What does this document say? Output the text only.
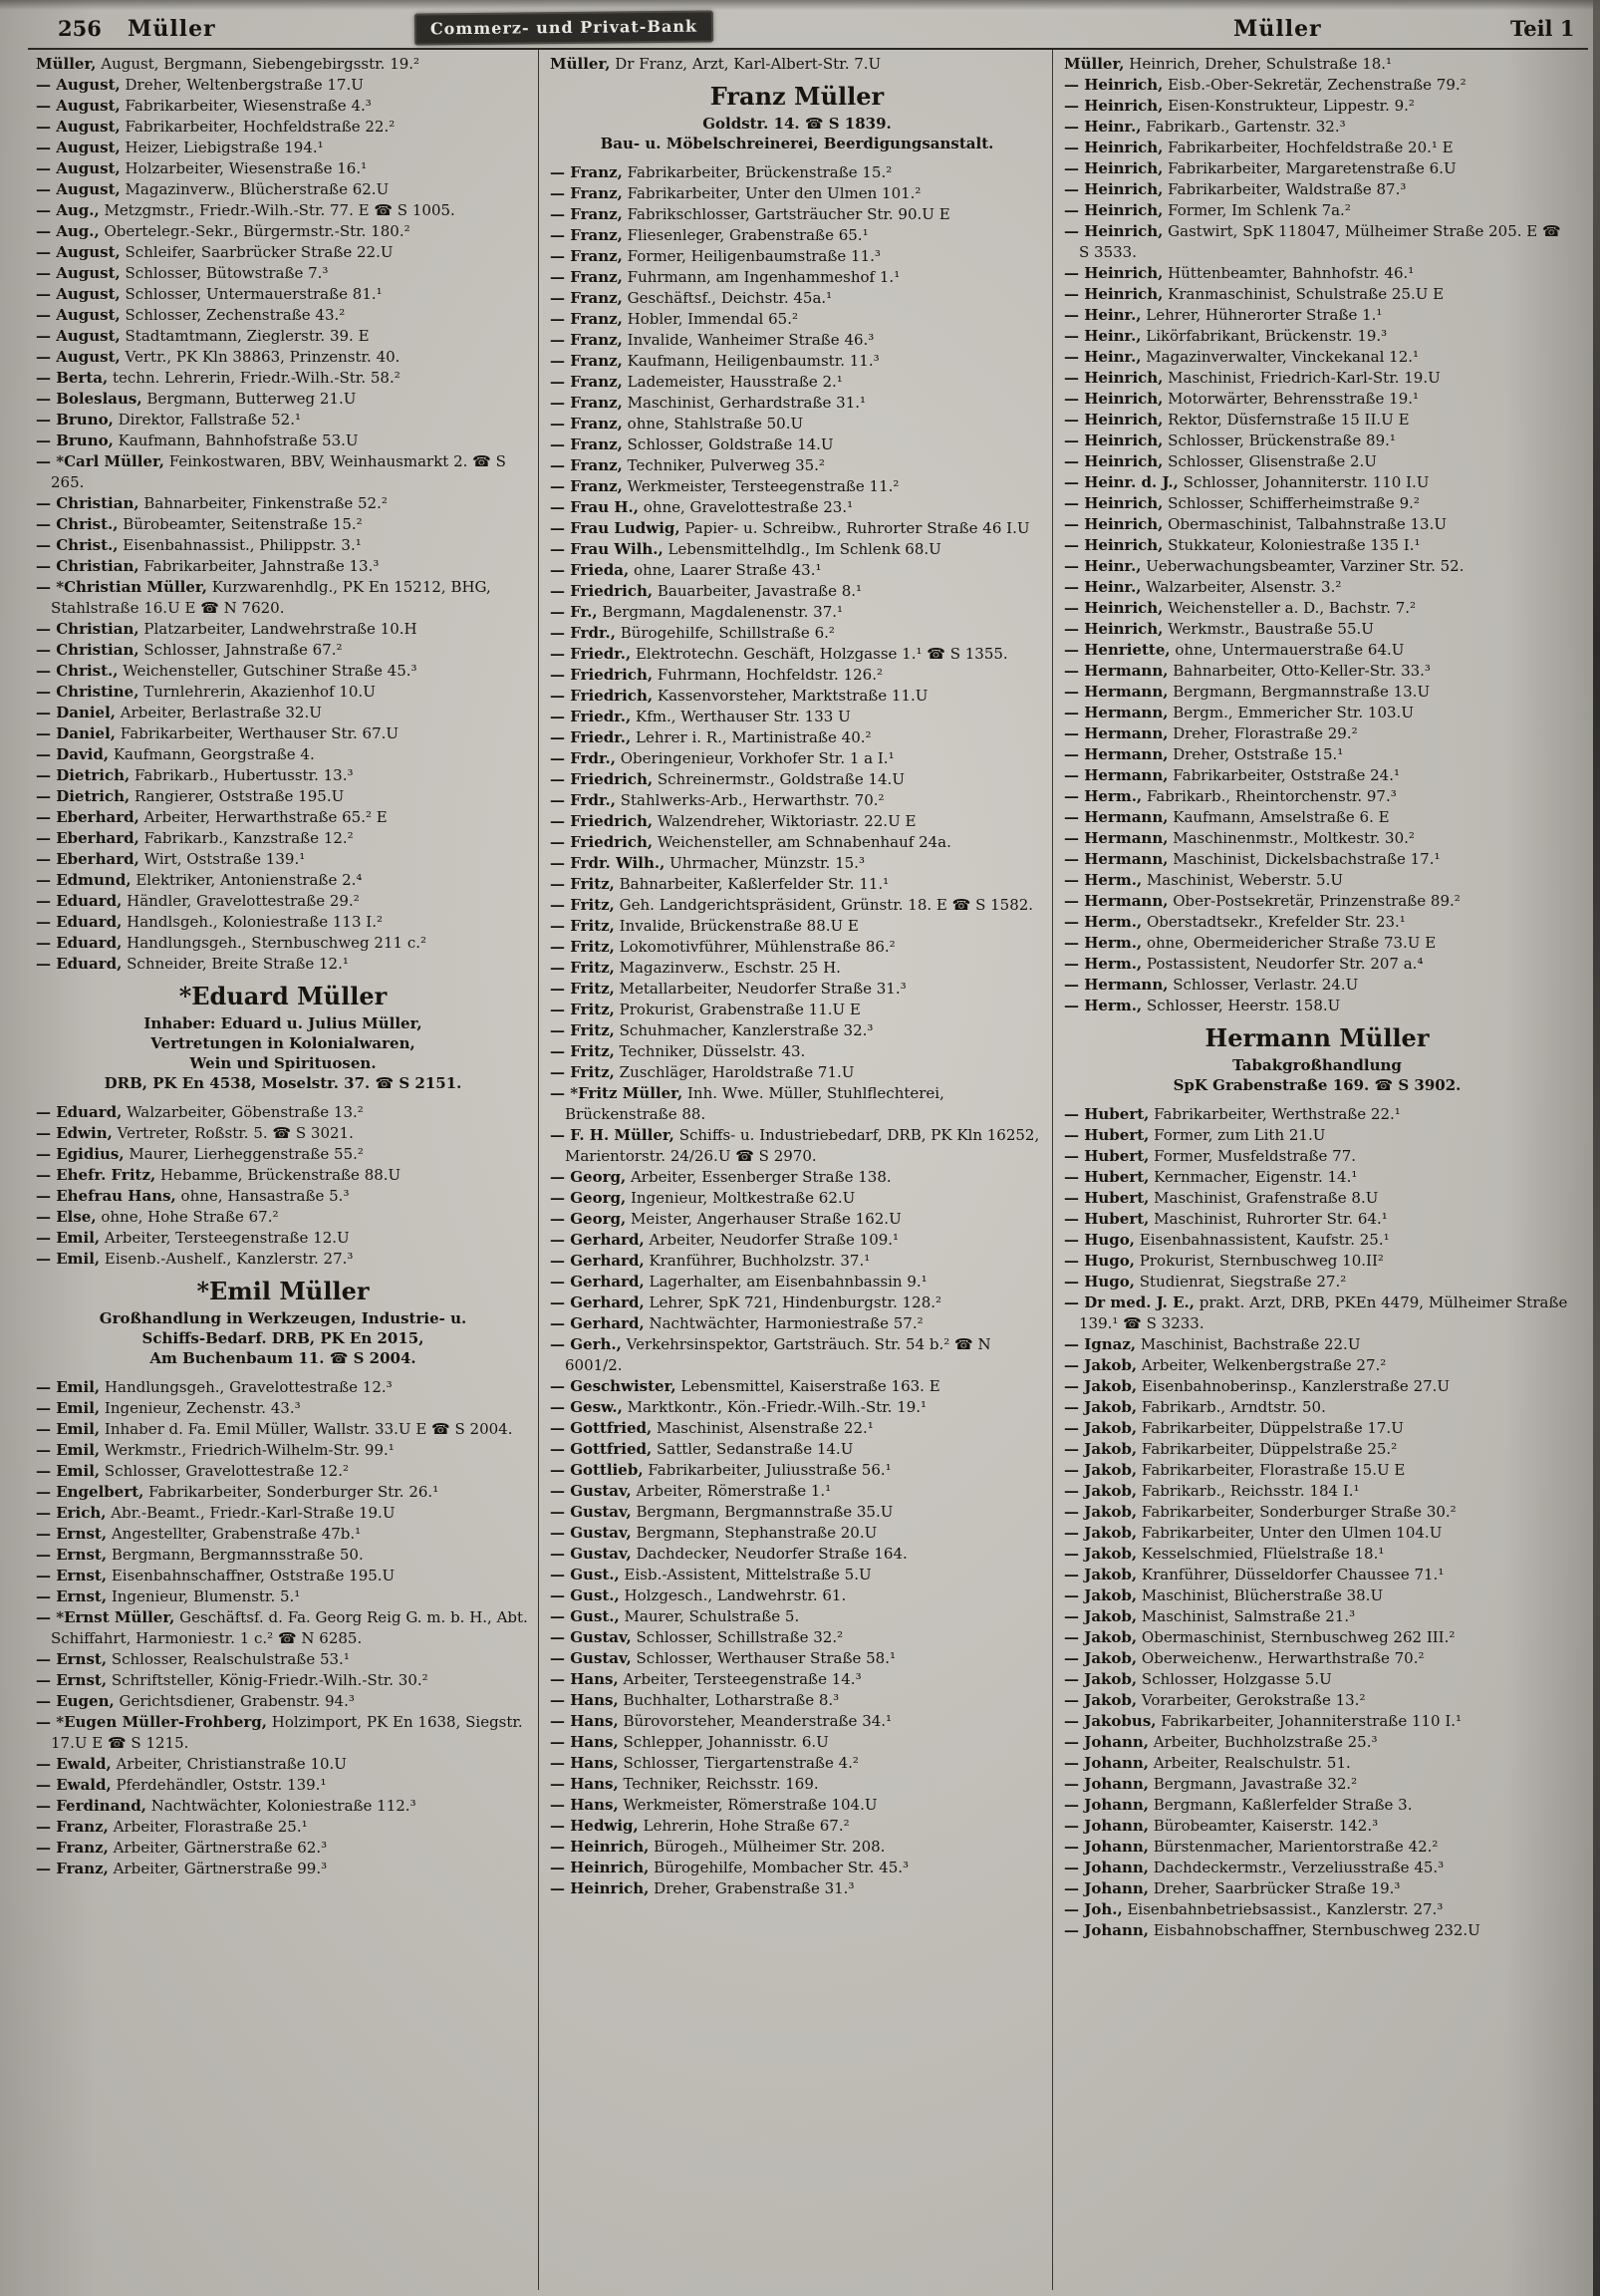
256 Müller	Commerz- und Privat-Bank	Müller	Teil 1
Müller, August, Bergmann, Siebengebirgsstr. 19.²
— August, Dreher, Weltenbergstraße 17.U
— August, Fabrikarbeiter, Wiesenstraße 4.³
— August, Fabrikarbeiter, Hochfeldstraße 22.²
— August, Heizer, Liebigstraße 194.¹
— August, Holzarbeiter, Wiesenstraße 16.¹
— August, Magazinverw., Blücherstraße 62.U
— Aug., Metzgmstr., Friedr.-Wilh.-Str. 77. E ☎ S 1005.
— Aug., Obertelegr.-Sekr., Bürgermstr.-Str. 180.²
— August, Schleifer, Saarbrücker Straße 22.U
— August, Schlosser, Bütowstraße 7.³
— August, Schlosser, Untermauerstraße 81.¹
— August, Schlosser, Zechenstraße 43.²
— August, Stadtamtmann, Zieglerstr. 39. E
— August, Vertr., PK Kln 38863, Prinzenstr. 40.
— Berta, techn. Lehrerin, Friedr.-Wilh.-Str. 58.²
— Boleslaus, Bergmann, Butterweg 21.U
— Bruno, Direktor, Fallstraße 52.¹
— Bruno, Kaufmann, Bahnhofstraße 53.U
— *Carl Müller, Feinkostwaren, BBV, Weinhausmarkt 2. ☎ S 265.
— Christian, Bahnarbeiter, Finkenstraße 52.²
— Christ., Bürobeamter, Seitenstraße 15.²
— Christ., Eisenbahnassist., Philippstr. 3.¹
— Christian, Fabrikarbeiter, Jahnstraße 13.³
— *Christian Müller, Kurzwarenhdlg., PK En 15212, BHG, Stahlstraße 16.U E ☎ N 7620.
— Christian, Platzarbeiter, Landwehrstraße 10.H
— Christian, Schlosser, Jahnstraße 67.²
— Christ., Weichensteller, Gutschiner Straße 45.³
— Christine, Turnlehrerin, Akazienhof 10.U
— Daniel, Arbeiter, Berlastraße 32.U
— Daniel, Fabrikarbeiter, Werthauser Str. 67.U
— David, Kaufmann, Georgstraße 4.
— Dietrich, Fabrikarb., Hubertusstr. 13.³
— Dietrich, Rangierer, Oststraße 195.U
— Eberhard, Arbeiter, Herwarthstraße 65.² E
— Eberhard, Fabrikarb., Kanzstraße 12.²
— Eberhard, Wirt, Oststraße 139.¹
— Edmund, Elektriker, Antonienstraße 2.⁴
— Eduard, Händler, Gravelottestraße 29.²
— Eduard, Handlsgeh., Koloniestraße 113 I.²
— Eduard, Handlungsgeh., Sternbuschweg 211 c.²
— Eduard, Schneider, Breite Straße 12.¹
*Eduard Müller
Inhaber: Eduard u. Julius Müller,
Vertretungen in Kolonialwaren,
Wein und Spirituosen.
DRB, PK En 4538, Moselstr. 37. ☎ S 2151.
— Eduard, Walzarbeiter, Göbenstraße 13.²
— Edwin, Vertreter, Roßstr. 5. ☎ S 3021.
— Egidius, Maurer, Lierheggenstraße 55.²
— Ehefr. Fritz, Hebamme, Brückenstraße 88.U
— Ehefrau Hans, ohne, Hansastraße 5.³
— Else, ohne, Hohe Straße 67.²
— Emil, Arbeiter, Tersteegenstraße 12.U
— Emil, Eisenb.-Aushelf., Kanzlerstr. 27.³
*Emil Müller
Großhandlung in Werkzeugen, Industrie- u.
Schiffs-Bedarf. DRB, PK En 2015,
Am Buchenbaum 11. ☎ S 2004.
— Emil, Handlungsgeh., Gravelottestraße 12.³
— Emil, Ingenieur, Zechenstr. 43.³
— Emil, Inhaber d. Fa. Emil Müller, Wallstr. 33.U E ☎ S 2004.
— Emil, Werkmstr., Friedrich-Wilhelm-Str. 99.¹
— Emil, Schlosser, Gravelottestraße 12.²
— Engelbert, Fabrikarbeiter, Sonderburger Str. 26.¹
— Erich, Abr.-Beamt., Friedr.-Karl-Straße 19.U
— Ernst, Angestellter, Grabenstraße 47b.¹
— Ernst, Bergmann, Bergmannsstraße 50.
— Ernst, Eisenbahnschaffner, Oststraße 195.U
— Ernst, Ingenieur, Blumenstr. 5.¹
— *Ernst Müller, Geschäftsf. d. Fa. Georg Reig G. m. b. H., Abt. Schiffahrt, Harmoniestr. 1 c.² ☎ N 6285.
— Ernst, Schlosser, Realschulstraße 53.¹
— Ernst, Schriftsteller, König-Friedr.-Wilh.-Str. 30.²
— Eugen, Gerichtsdiener, Grabenstr. 94.³
— *Eugen Müller-Frohberg, Holzimport, PK En 1638, Siegstr. 17.U E ☎ S 1215.
— Ewald, Arbeiter, Christianstraße 10.U
— Ewald, Pferdehändler, Oststr. 139.¹
— Ferdinand, Nachtwächter, Koloniestraße 112.³
— Franz, Arbeiter, Florastraße 25.¹
— Franz, Arbeiter, Gärtnerstraße 62.³
— Franz, Arbeiter, Gärtnerstraße 99.³
Müller, Dr Franz, Arzt, Karl-Albert-Str. 7.U
Franz Müller
Goldstr. 14. ☎ S 1839.
Bau- u. Möbelschreinerei, Beerdigungsanstalt.
— Franz, Fabrikarbeiter, Brückenstraße 15.²
— Franz, Fabrikarbeiter, Unter den Ulmen 101.²
— Franz, Fabrikschlosser, Gartsträucher Str. 90.U E
— Franz, Fliesenleger, Grabenstraße 65.¹
— Franz, Former, Heiligenbaumstraße 11.³
— Franz, Fuhrmann, am Ingenhammeshof 1.¹
— Franz, Geschäftsf., Deichstr. 45a.¹
— Franz, Hobler, Immendal 65.²
— Franz, Invalide, Wanheimer Straße 46.³
— Franz, Kaufmann, Heiligenbaumstr. 11.³
— Franz, Lademeister, Hausstraße 2.¹
— Franz, Maschinist, Gerhardstraße 31.¹
— Franz, ohne, Stahlstraße 50.U
— Franz, Schlosser, Goldstraße 14.U
— Franz, Techniker, Pulverweg 35.²
— Franz, Werkmeister, Tersteegenstraße 11.²
— Frau H., ohne, Gravelottestraße 23.¹
— Frau Ludwig, Papier- u. Schreibw., Ruhrorter Straße 46 I.U
— Frau Wilh., Lebensmittelhdlg., Im Schlenk 68.U
— Frieda, ohne, Laarer Straße 43.¹
— Friedrich, Bauarbeiter, Javastraße 8.¹
— Fr., Bergmann, Magdalenenstr. 37.¹
— Frdr., Bürogehilfe, Schillstraße 6.²
— Friedr., Elektrotechn. Geschäft, Holzgasse 1.¹ ☎ S 1355.
— Friedrich, Fuhrmann, Hochfeldstr. 126.²
— Friedrich, Kassenvorsteher, Marktstraße 11.U
— Friedr., Kfm., Werthauser Str. 133 U
— Friedr., Lehrer i. R., Martinistraße 40.²
— Frdr., Oberingenieur, Vorkhofer Str. 1 a I.¹
— Friedrich, Schreinermstr., Goldstraße 14.U
— Frdr., Stahlwerks-Arb., Herwarthstr. 70.²
— Friedrich, Walzendreher, Wiktoriastr. 22.U E
— Friedrich, Weichensteller, am Schnabenhauf 24a.
— Frdr. Wilh., Uhrmacher, Münzstr. 15.³
— Fritz, Bahnarbeiter, Kaßlerfelder Str. 11.¹
— Fritz, Geh. Landgerichtspräsident, Grünstr. 18. E ☎ S 1582.
— Fritz, Invalide, Brückenstraße 88.U E
— Fritz, Lokomotivführer, Mühlenstraße 86.²
— Fritz, Magazinverw., Eschstr. 25 H.
— Fritz, Metallarbeiter, Neudorfer Straße 31.³
— Fritz, Prokurist, Grabenstraße 11.U E
— Fritz, Schuhmacher, Kanzlerstraße 32.³
— Fritz, Techniker, Düsselstr. 43.
— Fritz, Zuschläger, Haroldstraße 71.U
— *Fritz Müller, Inh. Wwe. Müller, Stuhlflechterei, Brückenstraße 88.
— F. H. Müller, Schiffs- u. Industriebedarf, DRB, PK Kln 16252, Marientorstr. 24/26.U ☎ S 2970.
— Georg, Arbeiter, Essenberger Straße 138.
— Georg, Ingenieur, Moltkestraße 62.U
— Georg, Meister, Angerhauser Straße 162.U
— Gerhard, Arbeiter, Neudorfer Straße 109.¹
— Gerhard, Kranführer, Buchholzstr. 37.¹
— Gerhard, Lagerhalter, am Eisenbahnbassin 9.¹
— Gerhard, Lehrer, SpK 721, Hindenburgstr. 128.²
— Gerhard, Nachtwächter, Harmoniestraße 57.²
— Gerh., Verkehrsinspektor, Gartsträuch. Str. 54 b.² ☎ N 6001/2.
— Geschwister, Lebensmittel, Kaiserstraße 163. E
— Gesw., Marktkontr., Kön.-Friedr.-Wilh.-Str. 19.¹
— Gottfried, Maschinist, Alsenstraße 22.¹
— Gottfried, Sattler, Sedanstraße 14.U
— Gottlieb, Fabrikarbeiter, Juliusstraße 56.¹
— Gustav, Arbeiter, Römerstraße 1.¹
— Gustav, Bergmann, Bergmannstraße 35.U
— Gustav, Bergmann, Stephanstraße 20.U
— Gustav, Dachdecker, Neudorfer Straße 164.
— Gust., Eisb.-Assistent, Mittelstraße 5.U
— Gust., Holzgesch., Landwehrstr. 61.
— Gust., Maurer, Schulstraße 5.
— Gustav, Schlosser, Schillstraße 32.²
— Gustav, Schlosser, Werthauser Straße 58.¹
— Hans, Arbeiter, Tersteegenstraße 14.³
— Hans, Buchhalter, Lotharstraße 8.³
— Hans, Bürovorsteher, Meanderstraße 34.¹
— Hans, Schlepper, Johannisstr. 6.U
— Hans, Schlosser, Tiergartenstraße 4.²
— Hans, Techniker, Reichsstr. 169.
— Hans, Werkmeister, Römerstraße 104.U
— Hedwig, Lehrerin, Hohe Straße 67.²
— Heinrich, Bürogeh., Mülheimer Str. 208.
— Heinrich, Bürogehilfe, Mombacher Str. 45.³
— Heinrich, Dreher, Grabenstraße 31.³
Müller, Heinrich, Dreher, Schulstraße 18.¹
— Heinrich, Eisb.-Ober-Sekretär, Zechenstraße 79.²
— Heinrich, Eisen-Konstrukteur, Lippestr. 9.²
— Heinr., Fabrikarb., Gartenstr. 32.³
— Heinrich, Fabrikarbeiter, Hochfeldstraße 20.¹ E
— Heinrich, Fabrikarbeiter, Margaretenstraße 6.U
— Heinrich, Fabrikarbeiter, Waldstraße 87.³
— Heinrich, Former, Im Schlenk 7a.²
— Heinrich, Gastwirt, SpK 118047, Mülheimer Straße 205. E ☎ S 3533.
— Heinrich, Hüttenbeamter, Bahnhofstr. 46.¹
— Heinrich, Kranmaschinist, Schulstraße 25.U E
— Heinr., Lehrer, Hühnerorter Straße 1.¹
— Heinr., Likörfabrikant, Brückenstr. 19.³
— Heinr., Magazinverwalter, Vinckekanal 12.¹
— Heinrich, Maschinist, Friedrich-Karl-Str. 19.U
— Heinrich, Motorwärter, Behrensstraße 19.¹
— Heinrich, Rektor, Düsfernstraße 15 II.U E
— Heinrich, Schlosser, Brückenstraße 89.¹
— Heinrich, Schlosser, Glisenstraße 2.U
— Heinr. d. J., Schlosser, Johanniterstr. 110 I.U
— Heinrich, Schlosser, Schifferheimstraße 9.²
— Heinrich, Obermaschinist, Talbahnstraße 13.U
— Heinrich, Stukkateur, Koloniestraße 135 I.¹
— Heinr., Ueberwachungsbeamter, Varziner Str. 52.
— Heinr., Walzarbeiter, Alsenstr. 3.²
— Heinrich, Weichensteller a. D., Bachstr. 7.²
— Heinrich, Werkmstr., Baustraße 55.U
— Henriette, ohne, Untermauerstraße 64.U
— Hermann, Bahnarbeiter, Otto-Keller-Str. 33.³
— Hermann, Bergmann, Bergmannstraße 13.U
— Hermann, Bergm., Emmericher Str. 103.U
— Hermann, Dreher, Florastraße 29.²
— Hermann, Dreher, Oststraße 15.¹
— Hermann, Fabrikarbeiter, Oststraße 24.¹
— Herm., Fabrikarb., Rheintorchenstr. 97.³
— Hermann, Kaufmann, Amselstraße 6. E
— Hermann, Maschinenmstr., Moltkestr. 30.²
— Hermann, Maschinist, Dickelsbachstraße 17.¹
— Herm., Maschinist, Weberstr. 5.U
— Hermann, Ober-Postsekretär, Prinzenstraße 89.²
— Herm., Oberstadtsekr., Krefelder Str. 23.¹
— Herm., ohne, Obermeidericher Straße 73.U E
— Herm., Postassistent, Neudorfer Str. 207 a.⁴
— Hermann, Schlosser, Verlastr. 24.U
— Herm., Schlosser, Heerstr. 158.U
Hermann Müller
Tabakgroßhandlung
SpK Grabenstraße 169. ☎ S 3902.
— Hubert, Fabrikarbeiter, Werthstraße 22.¹
— Hubert, Former, zum Lith 21.U
— Hubert, Former, Musfeldstraße 77.
— Hubert, Kernmacher, Eigenstr. 14.¹
— Hubert, Maschinist, Grafenstraße 8.U
— Hubert, Maschinist, Ruhrorter Str. 64.¹
— Hugo, Eisenbahnassistent, Kaufstr. 25.¹
— Hugo, Prokurist, Sternbuschweg 10.II²
— Hugo, Studienrat, Siegstraße 27.²
— Dr med. J. E., prakt. Arzt, DRB, PKEn 4479, Mülheimer Straße 139.¹ ☎ S 3233.
— Ignaz, Maschinist, Bachstraße 22.U
— Jakob, Arbeiter, Welkenbergstraße 27.²
— Jakob, Eisenbahnoberinsp., Kanzlerstraße 27.U
— Jakob, Fabrikarb., Arndtstr. 50.
— Jakob, Fabrikarbeiter, Düppelstraße 17.U
— Jakob, Fabrikarbeiter, Düppelstraße 25.²
— Jakob, Fabrikarbeiter, Florastraße 15.U E
— Jakob, Fabrikarb., Reichsstr. 184 I.¹
— Jakob, Fabrikarbeiter, Sonderburger Straße 30.²
— Jakob, Fabrikarbeiter, Unter den Ulmen 104.U
— Jakob, Kesselschmied, Flüelstraße 18.¹
— Jakob, Kranführer, Düsseldorfer Chaussee 71.¹
— Jakob, Maschinist, Blücherstraße 38.U
— Jakob, Maschinist, Salmstraße 21.³
— Jakob, Obermaschinist, Sternbuschweg 262 III.²
— Jakob, Oberweichenw., Herwarthstraße 70.²
— Jakob, Schlosser, Holzgasse 5.U
— Jakob, Vorarbeiter, Gerokstraße 13.²
— Jakobus, Fabrikarbeiter, Johanniterstraße 110 I.¹
— Johann, Arbeiter, Buchholzstraße 25.³
— Johann, Arbeiter, Realschulstr. 51.
— Johann, Bergmann, Javastraße 32.²
— Johann, Bergmann, Kaßlerfelder Straße 3.
— Johann, Bürobeamter, Kaiserstr. 142.³
— Johann, Bürstenmacher, Marientorstraße 42.²
— Johann, Dachdeckermstr., Verzeliusstraße 45.³
— Johann, Dreher, Saarbrücker Straße 19.³
— Joh., Eisenbahnbetriebsassist., Kanzlerstr. 27.³
— Johann, Eisbahnobschaffner, Sternbuschweg 232.U
